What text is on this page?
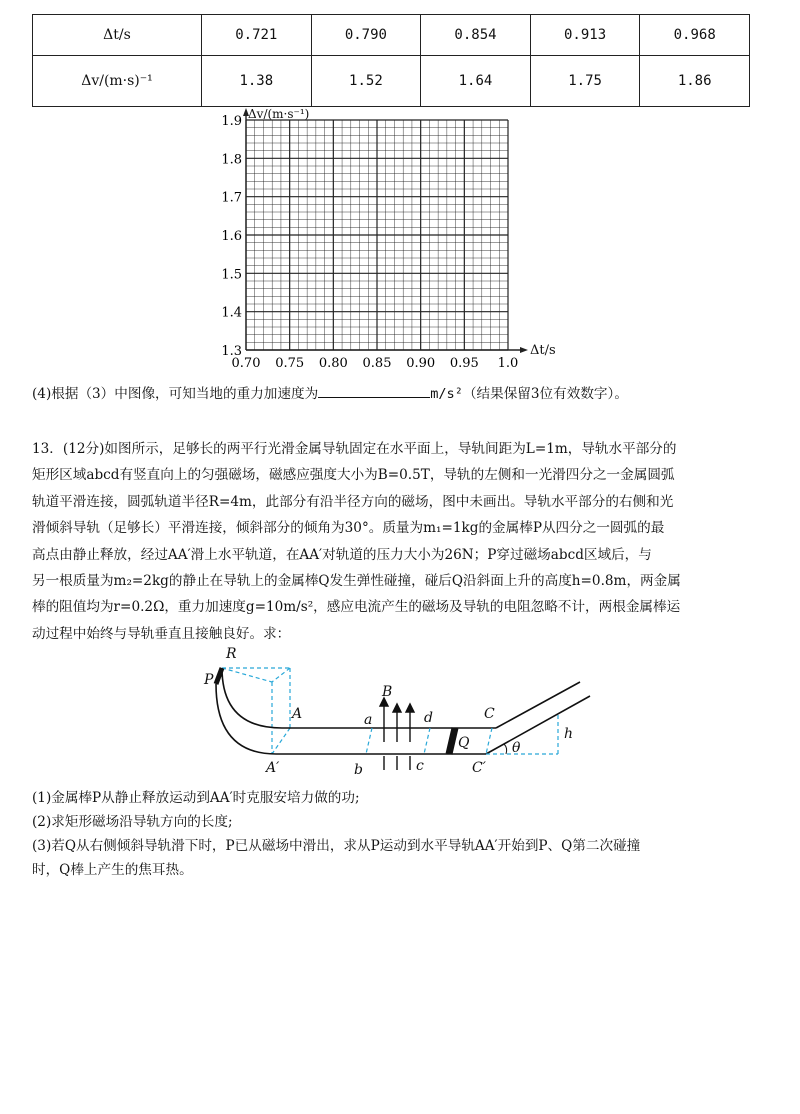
Δt/s	0.721	0.790	0.854	0.913	0.968
Δv/(m·s)⁻¹	1.38	1.52	1.64	1.75	1.86
0.70 0.75 0.80 0.85 0.90 0.95 1.0
1.3
1.4
1.5
1.6
1.7
1.8
1.9 Δv/(m·s⁻¹)
Δt/s
(4)根据（3）中图像，可知当地的重力加速度为	m/s²（结果保留3位有效数字）。

13．(12分)如图所示，足够长的两平行光滑金属导轨固定在水平面上，导轨间距为L=1m，导轨水平部分的

矩形区域abcd有竖直向上的匀强磁场，磁感应强度大小为B=0.5T，导轨的左侧和一光滑四分之一金属圆弧

轨道平滑连接，圆弧轨道半径R=4m，此部分有沿半径方向的磁场，图中未画出。导轨水平部分的右侧和光

滑倾斜导轨（足够长）平滑连接，倾斜部分的倾角为30°。质量为m₁=1kg的金属棒P从四分之一圆弧的最

高点由静止释放，经过AA′滑上水平轨道，在AA′对轨道的压力大小为26N；P穿过磁场abcd区域后，与

另一根质量为m₂=2kg的静止在导轨上的金属棒Q发生弹性碰撞，碰后Q沿斜面上升的高度h=0.8m，两金属

棒的阻值均为r=0.2Ω，重力加速度g=10m/s²，感应电流产生的磁场及导轨的电阻忽略不计，两根金属棒运

动过程中始终与导轨垂直且接触良好。求：

R
P
A
A′
B
a
b	c
d
Q
C
C′
θ
h

(1)金属棒P从静止释放运动到AA′时克服安培力做的功;

(2)求矩形磁场沿导轨方向的长度;

(3)若Q从右侧倾斜导轨滑下时，P已从磁场中滑出，求从P运动到水平导轨AA′开始到P、Q第二次碰撞

时，Q棒上产生的焦耳热。
